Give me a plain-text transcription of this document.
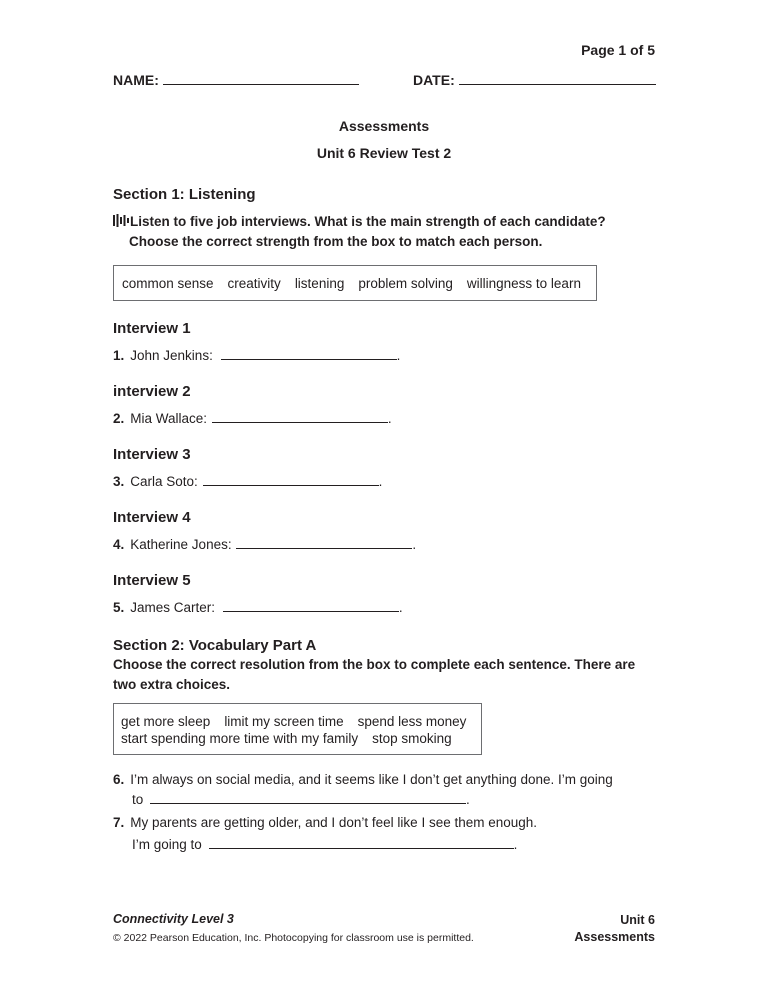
Page 1 of 5
NAME:	DATE:
Assessments
Unit 6 Review Test 2
Section 1: Listening
Listen to five job interviews. What is the main strength of each candidate?
Choose the correct strength from the box to match each person.
common sense creativity listening problem solving willingness to learn
Interview 1
1. John Jenkins:	.
interview 2
2. Mia Wallace:	.
Interview 3
3. Carla Soto:	.
Interview 4
4. Katherine Jones:	.
Interview 5
5. James Carter:	.
Section 2: Vocabulary Part A
Choose the correct resolution from the box to complete each sentence. There are
two extra choices.
get more sleep limit my screen time spend less money
start spending more time with my family stop smoking
6. I’m always on social media, and it seems like I don’t get anything done. I’m going
to	.
7. My parents are getting older, and I don’t feel like I see them enough.
I’m going to	.
Connectivity Level 3
© 2022 Pearson Education, Inc. Photocopying for classroom use is permitted.
Unit 6
Assessments
